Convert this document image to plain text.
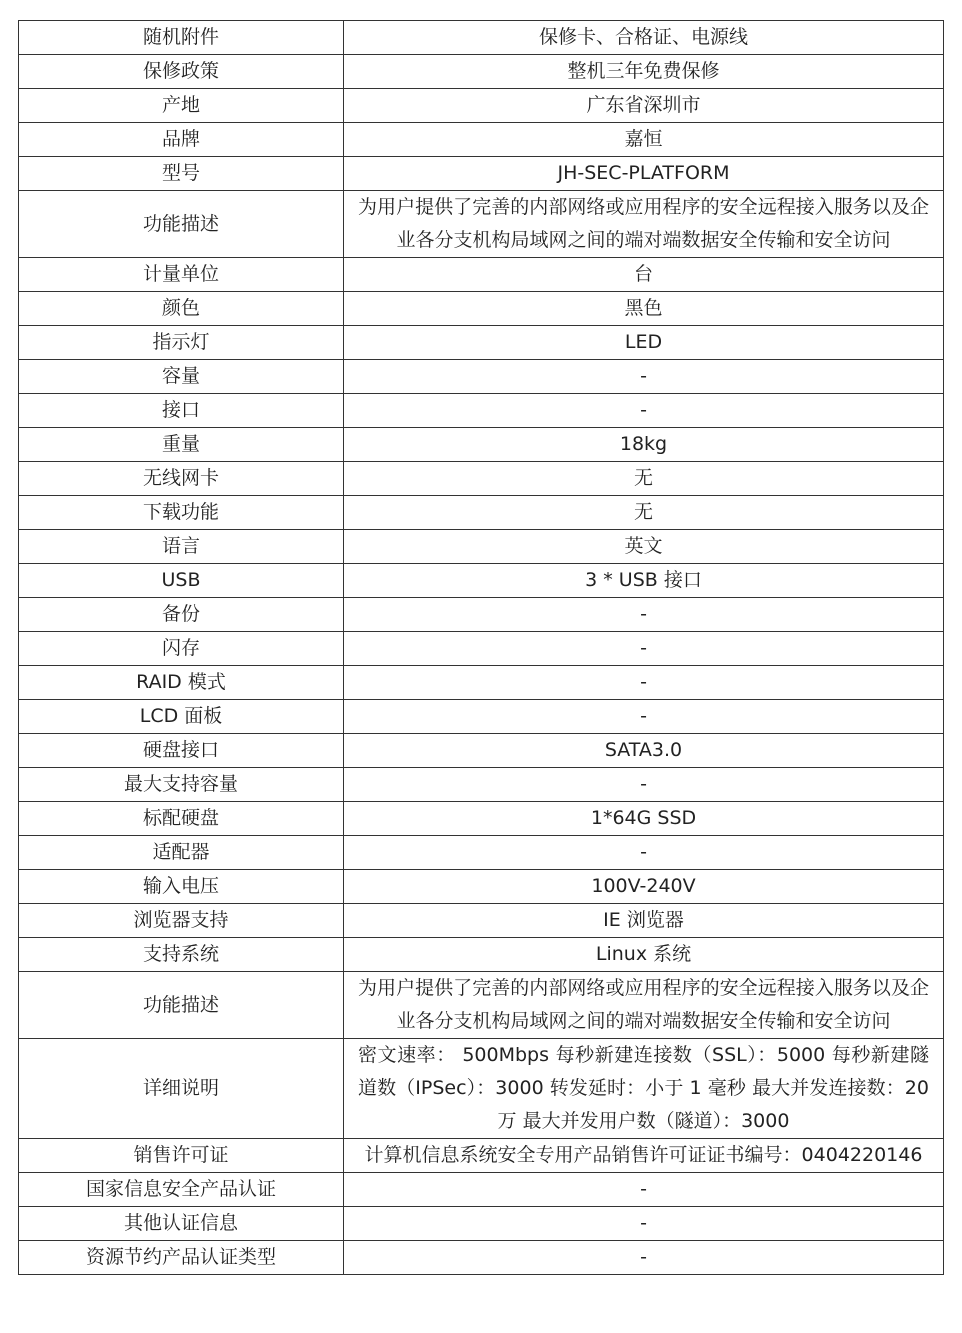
随机附件	保修卡、合格证、电源线
保修政策	整机三年免费保修
产地	广东省深圳市
品牌	嘉恒
型号	JH-SEC-PLATFORM
功能描述	为用户提供了完善的内部网络或应用程序的安全远程接入服务以及企业各分支机构局域网之间的端对端数据安全传输和安全访问
计量单位	台
颜色	黑色
指示灯	LED
容量	-
接口	-
重量	18kg
无线网卡	无
下载功能	无
语言	英文
USB	3 * USB 接口
备份	-
闪存	-
RAID 模式	-
LCD 面板	-
硬盘接口	SATA3.0
最大支持容量	-
标配硬盘	1*64G SSD
适配器	-
输入电压	100V-240V
浏览器支持	IE 浏览器
支持系统	Linux 系统
功能描述	为用户提供了完善的内部网络或应用程序的安全远程接入服务以及企业各分支机构局域网之间的端对端数据安全传输和安全访问
详细说明	密文速率： 500Mbps 每秒新建连接数（SSL）：5000 每秒新建隧道数（IPSec）：3000 转发延时：小于 1 毫秒 最大并发连接数：20 万 最大并发用户数（隧道）：3000
销售许可证	计算机信息系统安全专用产品销售许可证证书编号：0404220146
国家信息安全产品认证	-
其他认证信息	-
资源节约产品认证类型	-
